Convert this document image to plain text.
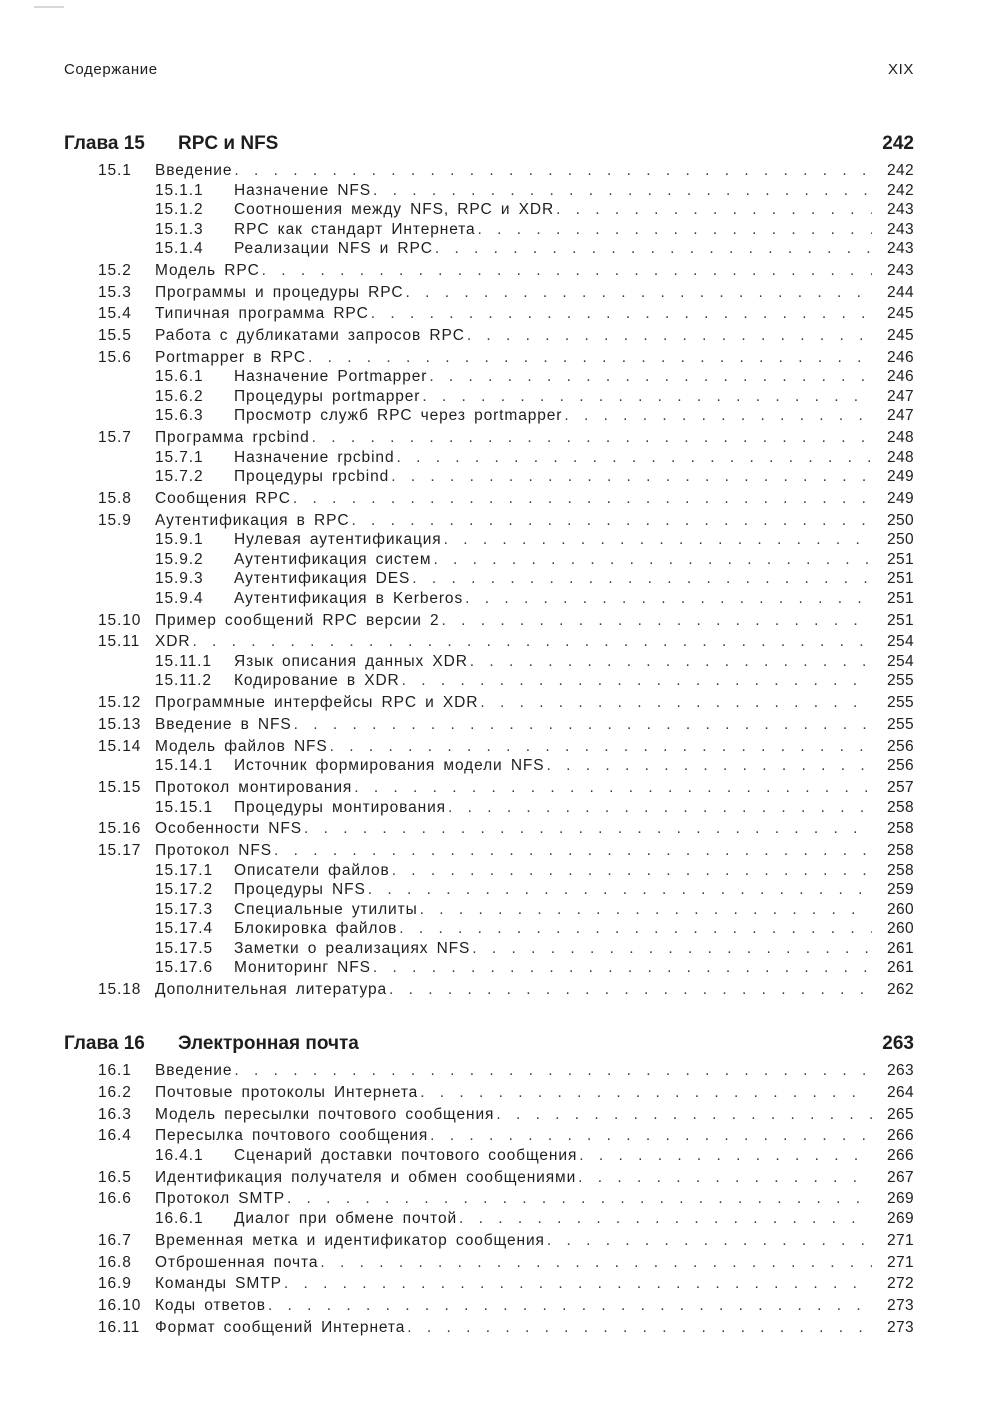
Содержание	XIX
Глава 15 RPC и NFS	242
15.1	Введение . . .	242
15.1.1	Назначение NFS . . .	242
15.1.2	Соотношения между NFS, RPC и XDR . . .	243
15.1.3	RPC как стандарт Интернета . . .	243
15.1.4	Реализации NFS и RPC . . .	243
15.2	Модель RPC . . .	243
15.3	Программы и процедуры RPC . . .	244
15.4	Типичная программа RPC . . .	245
15.5	Работа с дубликатами запросов RPC . . .	245
15.6	Portmapper в RPC . . .	246
15.6.1	Назначение Portmapper . . .	246
15.6.2	Процедуры portmapper . . .	247
15.6.3	Просмотр служб RPC через portmapper . . .	247
15.7	Программа rpcbind . . .	248
15.7.1	Назначение rpcbind . . .	248
15.7.2	Процедуры rpcbind . . .	249
15.8	Сообщения RPC . . .	249
15.9	Аутентификация в RPC . . .	250
15.9.1	Нулевая аутентификация . . .	250
15.9.2	Аутентификация систем . . .	251
15.9.3	Аутентификация DES . . .	251
15.9.4	Аутентификация в Kerberos . . .	251
15.10 Пример сообщений RPC версии 2 . . .	251
15.11 XDR . . .	254
15.11.1	Язык описания данных XDR . . .	254
15.11.2	Кодирование в XDR . . .	255
15.12 Программные интерфейсы RPC и XDR . . .	255
15.13 Введение в NFS . . .	255
15.14 Модель файлов NFS . . .	256
15.14.1	Источник формирования модели NFS . . .	256
15.15 Протокол монтирования . . .	257
15.15.1	Процедуры монтирования . . .	258
15.16 Особенности NFS . . .	258
15.17 Протокол NFS . . .	258
15.17.1	Описатели файлов . . .	258
15.17.2	Процедуры NFS . . .	259
15.17.3	Специальные утилиты . . .	260
15.17.4	Блокировка файлов . . .	260
15.17.5	Заметки о реализациях NFS . . .	261
15.17.6	Мониторинг NFS . . .	261
15.18 Дополнительная литература . . .	262
Глава 16 Электронная почта	263
16.1	Введение . . .	263
16.2	Почтовые протоколы Интернета . . .	264
16.3	Модель пересылки почтового сообщения . . .	265
16.4	Пересылка почтового сообщения . . .	266
16.4.1	Сценарий доставки почтового сообщения . . .	266
16.5	Идентификация получателя и обмен сообщениями . . .	267
16.6	Протокол SMTP . . .	269
16.6.1	Диалог при обмене почтой . . .	269
16.7	Временная метка и идентификатор сообщения . . .	271
16.8	Отброшенная почта . . .	271
16.9	Команды SMTP . . .	272
16.10 Коды ответов . . .	273
16.11 Формат сообщений Интернета . . .	273
